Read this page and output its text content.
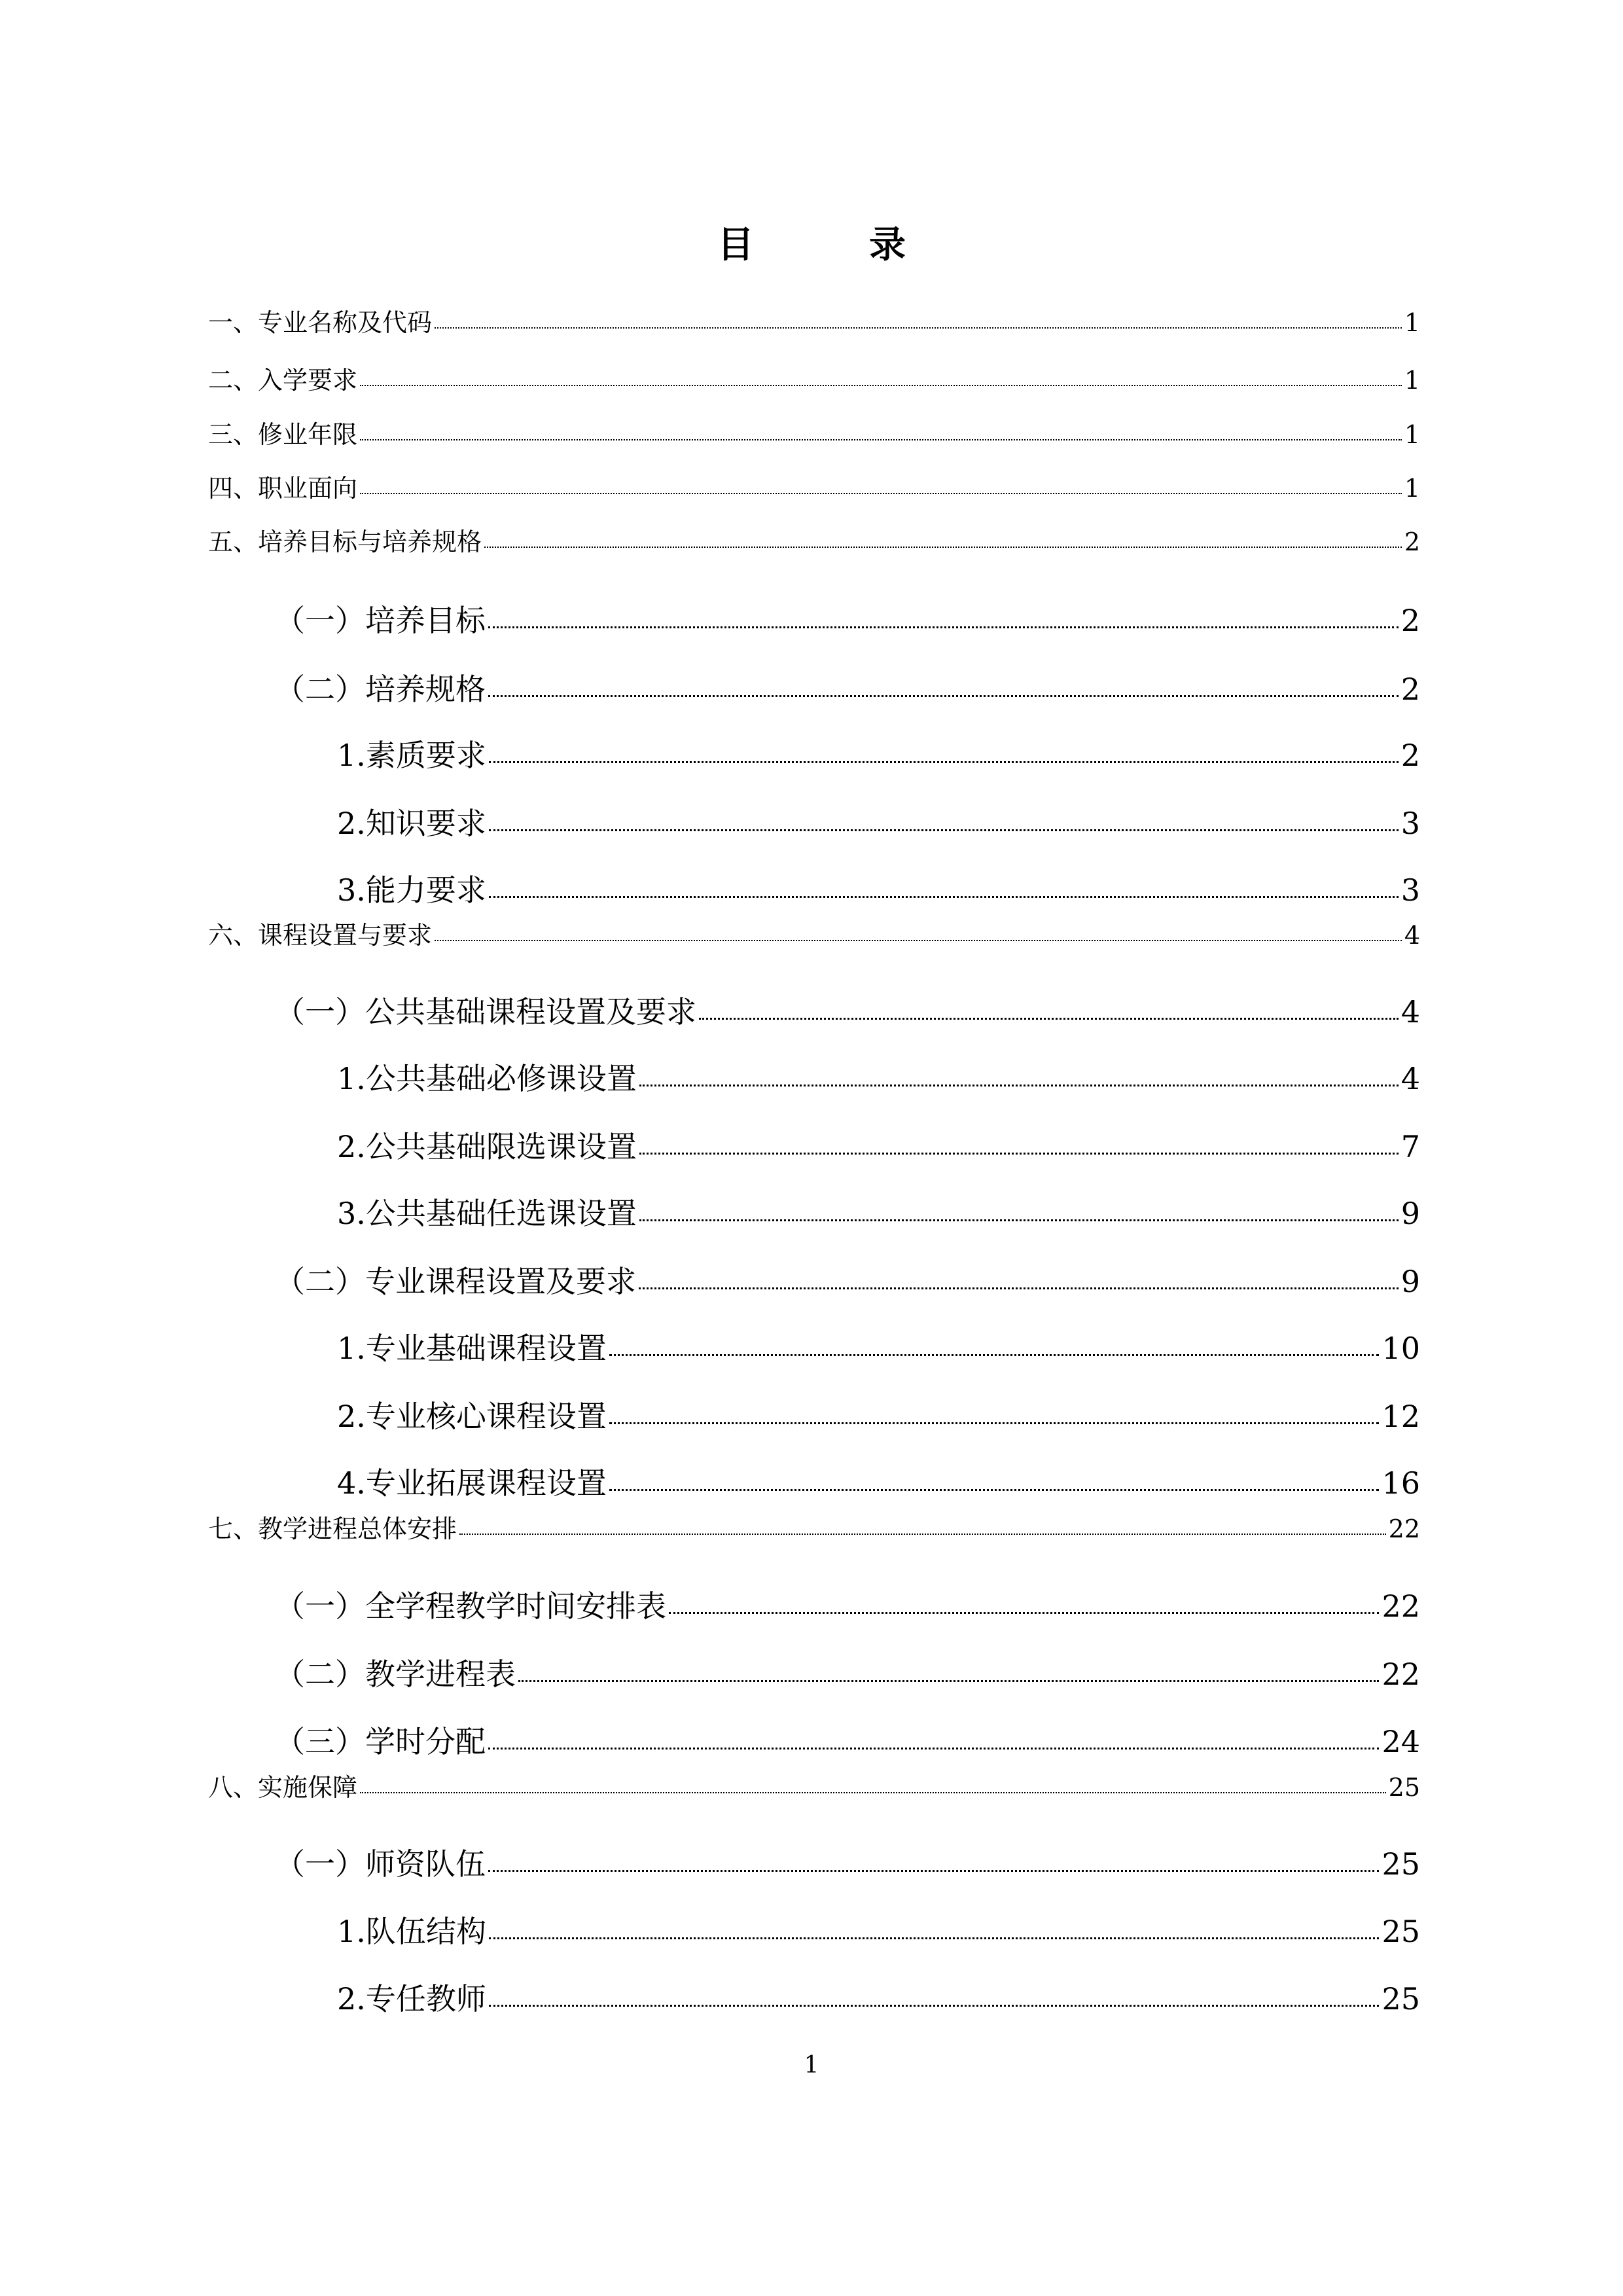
目　录
一、专业名称及代码	1
二、入学要求	1
三、修业年限	1
四、职业面向	1
五、培养目标与培养规格	2
（一）培养目标	2
（二）培养规格	2
1.素质要求	2
2.知识要求	3
3.能力要求	3
六、课程设置与要求	4
（一）公共基础课程设置及要求	4
1.公共基础必修课设置	4
2.公共基础限选课设置	7
3.公共基础任选课设置	9
（二）专业课程设置及要求	9
1.专业基础课程设置	10
2.专业核心课程设置	12
4.专业拓展课程设置	16
七、教学进程总体安排	22
（一）全学程教学时间安排表	22
（二）教学进程表	22
（三）学时分配	24
八、实施保障	25
（一）师资队伍	25
1.队伍结构	25
2.专任教师	25
1
